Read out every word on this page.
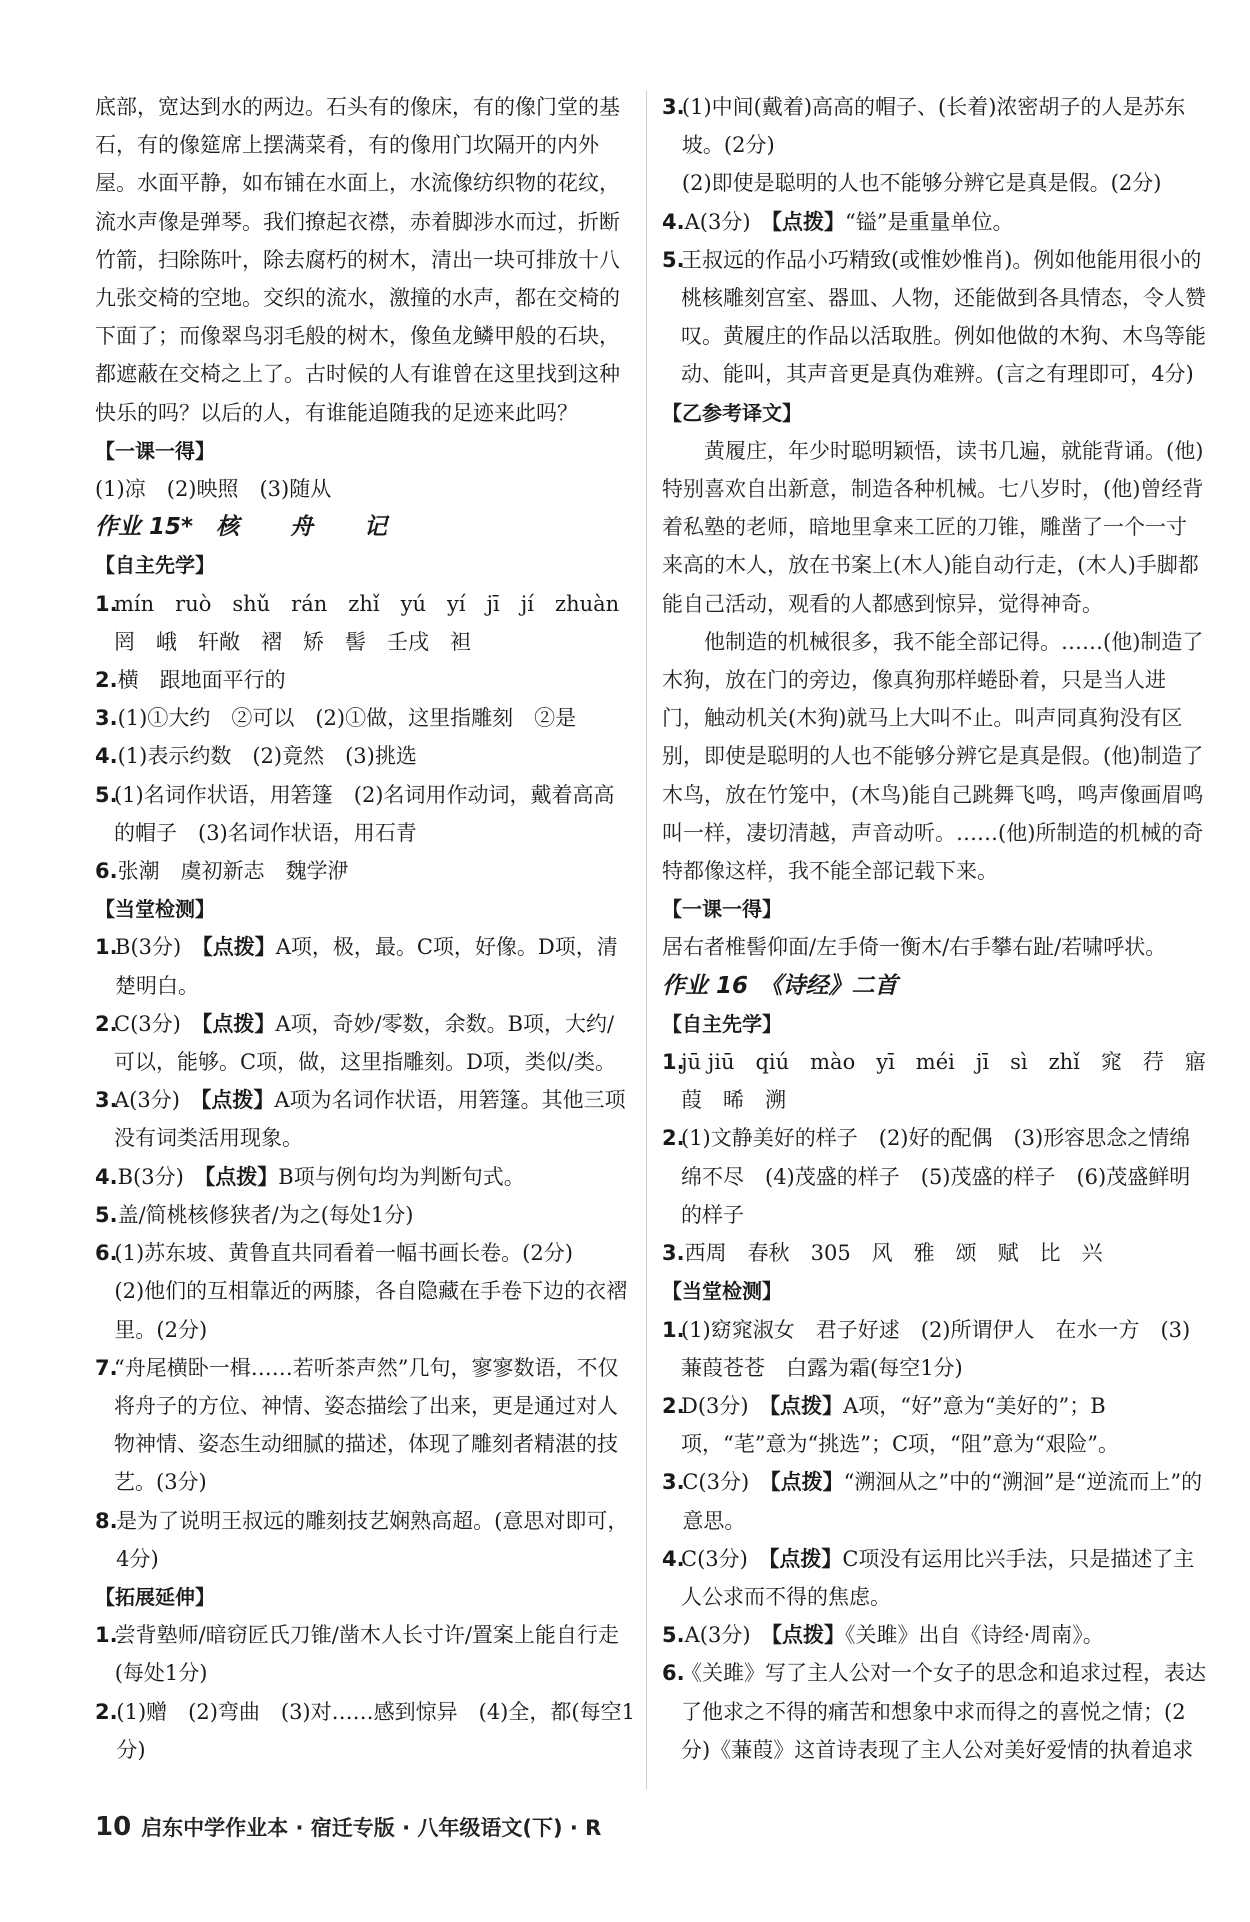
底部，宽达到水的两边。石头有的像床，有的像门堂的基石，有的像筵席上摆满菜肴，有的像用门坎隔开的内外屋。水面平静，如布铺在水面上，水流像纺织物的花纹，流水声像是弹琴。我们撩起衣襟，赤着脚涉水而过，折断竹箭，扫除陈叶，除去腐朽的树木，清出一块可排放十八九张交椅的空地。交织的流水，激撞的水声，都在交椅的下面了；而像翠鸟羽毛般的树木，像鱼龙鳞甲般的石块，都遮蔽在交椅之上了。古时候的人有谁曾在这里找到这种快乐的吗？以后的人，有谁能追随我的足迹来此吗？

【一课一得】

(1)凉　(2)映照　(3)随从

作业 15*　 核　舟　记

【自主先学】

1.

mín　ruò　shǔ　rán　zhǐ　yú　yí　jī　jí　zhuàn　罔　峨　轩敞　褶　矫　髻　壬戌　袒

2. 横　跟地面平行的

3. (1)①大约　②可以　(2)①做，这里指雕刻　②是

4. (1)表示约数　(2)竟然　(3)挑选

5.

(1)名词作状语，用箬篷　(2)名词用作动词，戴着高高的帽子　(3)名词作状语，用石青

6. 张潮　虞初新志　魏学洢

【当堂检测】

1.

B(3分)　 【点拨】A项，极，最。C项，好像。D项，清楚明白。

2.

C(3分)　 【点拨】A项，奇妙/零数，余数。B项，大约/可以，能够。C项，做，这里指雕刻。D项，类似/类。

3.

A(3分)　 【点拨】A项为名词作状语，用箬篷。其他三项没有词类活用现象。

4. B(3分)　 【点拨】B项与例句均为判断句式。

5. 盖/简桃核修狭者/为之(每处1分)

6.

(1)苏东坡、黄鲁直共同看着一幅书画长卷。(2分)

(2)他们的互相靠近的两膝，各自隐藏在手卷下边的衣褶里。(2分)

7.

“舟尾横卧一楫……若听茶声然”几句，寥寥数语，不仅将舟子的方位、神情、姿态描绘了出来，更是通过对人物神情、姿态生动细腻的描述，体现了雕刻者精湛的技艺。(3分)

8.

是为了说明王叔远的雕刻技艺娴熟高超。(意思对即可，4分)

【拓展延伸】

1.

尝背塾师/暗窃匠氏刀锥/凿木人长寸许/置案上能自行走(每处1分)

2.

(1)赠　(2)弯曲　(3)对……感到惊异　(4)全，都(每空1分)

3.

(1)中间(戴着)高高的帽子、(长着)浓密胡子的人是苏东坡。(2分)

(2)即使是聪明的人也不能够分辨它是真是假。(2分)

4. A(3分)　 【点拨】“镒”是重量单位。

5.

王叔远的作品小巧精致(或惟妙惟肖)。例如他能用很小的桃核雕刻宫室、器皿、人物，还能做到各具情态，令人赞叹。黄履庄的作品以活取胜。例如他做的木狗、木鸟等能动、能叫，其声音更是真伪难辨。(言之有理即可，4分)

【乙参考译文】

黄履庄，年少时聪明颖悟，读书几遍，就能背诵。(他)特别喜欢自出新意，制造各种机械。七八岁时，(他)曾经背着私塾的老师，暗地里拿来工匠的刀锥，雕凿了一个一寸来高的木人，放在书案上(木人)能自动行走，(木人)手脚都能自己活动，观看的人都感到惊异，觉得神奇。

他制造的机械很多，我不能全部记得。……(他)制造了木狗，放在门的旁边，像真狗那样蜷卧着，只是当人进门，触动机关(木狗)就马上大叫不止。叫声同真狗没有区别，即使是聪明的人也不能够分辨它是真是假。(他)制造了木鸟，放在竹笼中，(木鸟)能自己跳舞飞鸣，鸣声像画眉鸣叫一样，凄切清越，声音动听。……(他)所制造的机械的奇特都像这样，我不能全部记载下来。

【一课一得】

居右者椎髻仰面/左手倚一衡木/右手攀右趾/若啸呼状。

作业 16　 《诗经》二首

【自主先学】

1.

jū jiū　qiú　mào　yī　méi　jī　sì　zhǐ　窕　荇　寤　葭　晞　溯

2.

(1)文静美好的样子　(2)好的配偶　(3)形容思念之情绵绵不尽　(4)茂盛的样子　(5)茂盛的样子　(6)茂盛鲜明的样子

3. 西周　春秋　305　风　雅　颂　赋　比　兴

【当堂检测】

1.

(1)窈窕淑女　君子好逑　(2)所谓伊人　在水一方　(3)蒹葭苍苍　白露为霜(每空1分)

2.

D(3分)　 【点拨】A项，“好”意为“美好的”；B项，“芼”意为“挑选”；C项，“阻”意为“艰险”。

3.

C(3分)　 【点拨】“溯洄从之”中的“溯洄”是“逆流而上”的意思。

4.

C(3分)　 【点拨】C项没有运用比兴手法，只是描述了主人公求而不得的焦虑。

5. A(3分)　 【点拨】《关雎》出自《诗经·周南》。

6.

《关雎》写了主人公对一个女子的思念和追求过程，表达了他求之不得的痛苦和想象中求而得之的喜悦之情；(2分)《蒹葭》这首诗表现了主人公对美好爱情的执着追求

10 启东中学作业本 · 宿迁专版 · 八年级语文(下) · R
